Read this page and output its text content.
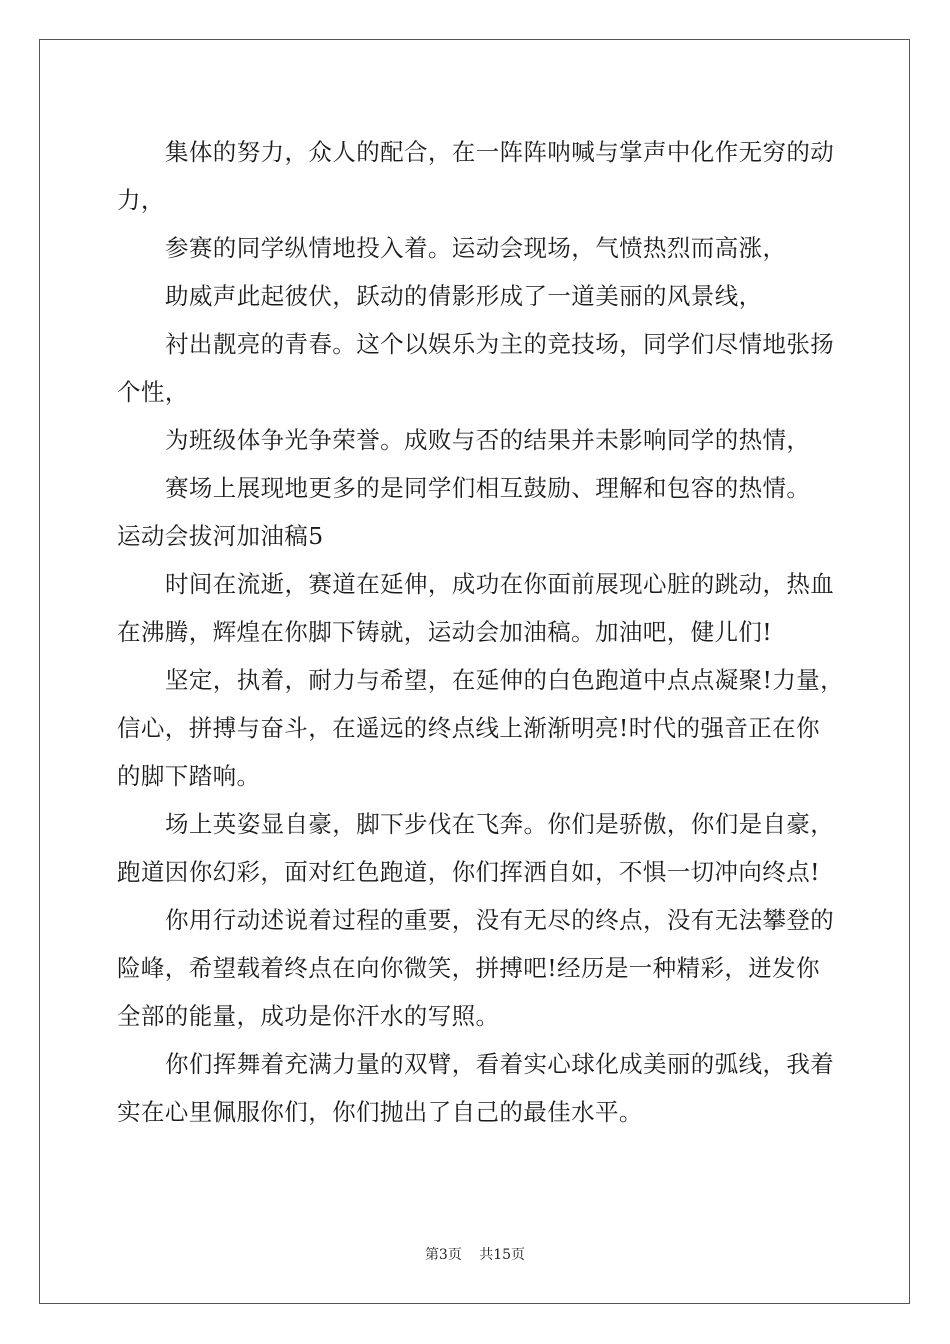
集体的努力，众人的配合，在一阵阵呐喊与掌声中化作无穷的动

力，

参赛的同学纵情地投入着。运动会现场，气愤热烈而高涨，

助威声此起彼伏，跃动的倩影形成了一道美丽的风景线，

衬出靓亮的青春。这个以娱乐为主的竞技场，同学们尽情地张扬

个性，

为班级体争光争荣誉。成败与否的结果并未影响同学的热情，

赛场上展现地更多的是同学们相互鼓励、理解和包容的热情。

运动会拔河加油稿5

时间在流逝，赛道在延伸，成功在你面前展现心脏的跳动，热血

在沸腾，辉煌在你脚下铸就，运动会加油稿。加油吧，健儿们!

坚定，执着，耐力与希望，在延伸的白色跑道中点点凝聚!力量，

信心，拼搏与奋斗，在遥远的终点线上渐渐明亮!时代的强音正在你

的脚下踏响。

场上英姿显自豪，脚下步伐在飞奔。你们是骄傲，你们是自豪，

跑道因你幻彩，面对红色跑道，你们挥洒自如，不惧一切冲向终点!

你用行动述说着过程的重要，没有无尽的终点，没有无法攀登的

险峰，希望载着终点在向你微笑，拼搏吧!经历是一种精彩，迸发你

全部的能量，成功是你汗水的写照。

你们挥舞着充满力量的双臂，看着实心球化成美丽的弧线，我着

实在心里佩服你们，你们抛出了自己的最佳水平。

第3页 共15页
